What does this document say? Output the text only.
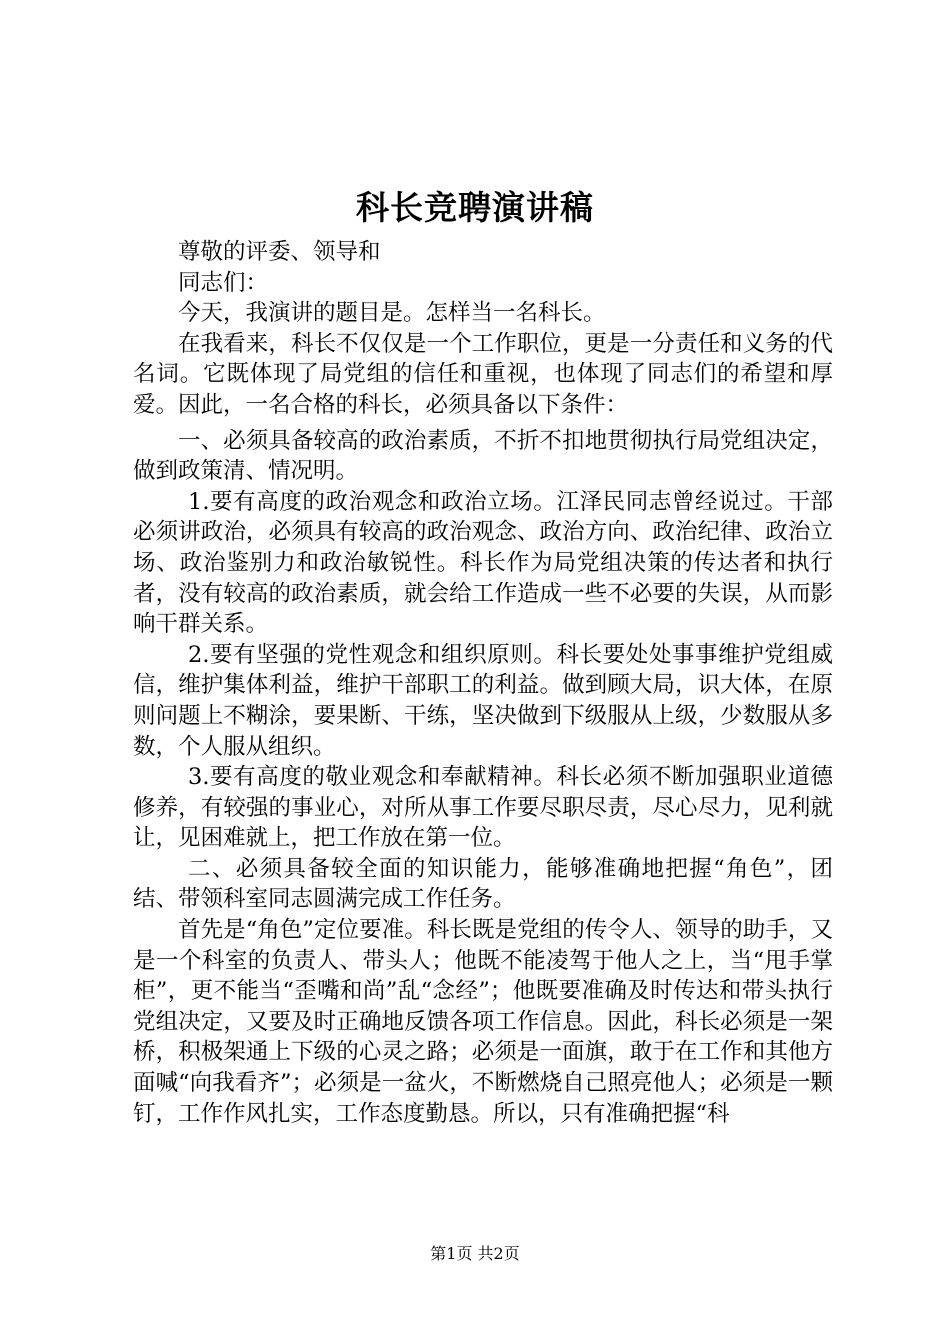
科长竞聘演讲稿

尊敬的评委、领导和

同志们：

今天，我演讲的题目是。怎样当一名科长。

在我看来，科长不仅仅是一个工作职位，更是一分责任和义务的代名词。它既体现了局党组的信任和重视，也体现了同志们的希望和厚爱。因此，一名合格的科长，必须具备以下条件：

一、必须具备较高的政治素质，不折不扣地贯彻执行局党组决定，做到政策清、情况明。

1.要有高度的政治观念和政治立场。江泽民同志曾经说过。干部必须讲政治，必须具有较高的政治观念、政治方向、政治纪律、政治立场、政治鉴别力和政治敏锐性。科长作为局党组决策的传达者和执行者，没有较高的政治素质，就会给工作造成一些不必要的失误，从而影响干群关系。

2.要有坚强的党性观念和组织原则。科长要处处事事维护党组威信，维护集体利益，维护干部职工的利益。做到顾大局，识大体，在原则问题上不糊涂，要果断、干练，坚决做到下级服从上级，少数服从多数，个人服从组织。

3.要有高度的敬业观念和奉献精神。科长必须不断加强职业道德修养，有较强的事业心，对所从事工作要尽职尽责，尽心尽力，见利就让，见困难就上，把工作放在第一位。

二、必须具备较全面的知识能力，能够准确地把握“角色”，团结、带领科室同志圆满完成工作任务。

首先是“角色”定位要准。科长既是党组的传令人、领导的助手，又是一个科室的负责人、带头人；他既不能凌驾于他人之上，当“甩手掌柜”，更不能当“歪嘴和尚”乱“念经”；他既要准确及时传达和带头执行党组决定，又要及时正确地反馈各项工作信息。因此，科长必须是一架桥，积极架通上下级的心灵之路；必须是一面旗，敢于在工作和其他方面喊“向我看齐”；必须是一盆火，不断燃烧自己照亮他人；必须是一颗钉，工作作风扎实，工作态度勤恳。所以，只有准确把握“科

第1页 共2页
